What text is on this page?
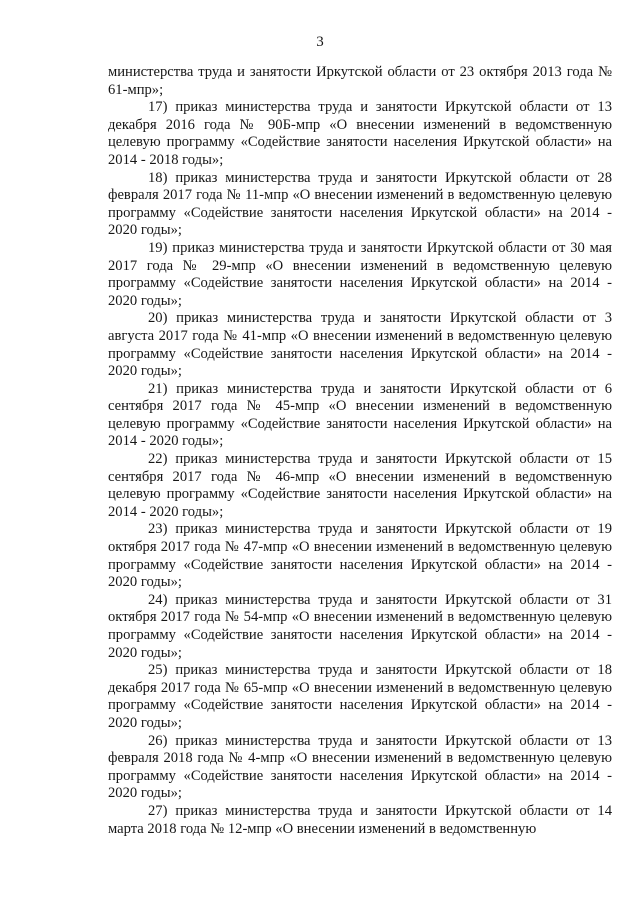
3

министерства труда и занятости Иркутской области от 23 октября 2013 года № 61-мпр»;

17) приказ министерства труда и занятости Иркутской области от 13 декабря 2016 года № 90Б-мпр «О внесении изменений в ведомственную целевую программу «Содействие занятости населения Иркутской области» на 2014 - 2018 годы»;

18) приказ министерства труда и занятости Иркутской области от 28 февраля 2017 года № 11-мпр «О внесении изменений в ведомственную целевую программу «Содействие занятости населения Иркутской области» на 2014 - 2020 годы»;

19) приказ министерства труда и занятости Иркутской области от 30 мая 2017 года № 29-мпр «О внесении изменений в ведомственную целевую программу «Содействие занятости населения Иркутской области» на 2014 - 2020 годы»;

20) приказ министерства труда и занятости Иркутской области от 3 августа 2017 года № 41-мпр «О внесении изменений в ведомственную целевую программу «Содействие занятости населения Иркутской области» на 2014 - 2020 годы»;

21) приказ министерства труда и занятости Иркутской области от 6 сентября 2017 года № 45-мпр «О внесении изменений в ведомственную целевую программу «Содействие занятости населения Иркутской области» на 2014 - 2020 годы»;

22) приказ министерства труда и занятости Иркутской области от 15 сентября 2017 года № 46-мпр «О внесении изменений в ведомственную целевую программу «Содействие занятости населения Иркутской области» на 2014 - 2020 годы»;

23) приказ министерства труда и занятости Иркутской области от 19 октября 2017 года № 47-мпр «О внесении изменений в ведомственную целевую программу «Содействие занятости населения Иркутской области» на 2014 - 2020 годы»;

24) приказ министерства труда и занятости Иркутской области от 31 октября 2017 года № 54-мпр «О внесении изменений в ведомственную целевую программу «Содействие занятости населения Иркутской области» на 2014 - 2020 годы»;

25) приказ министерства труда и занятости Иркутской области от 18 декабря 2017 года № 65-мпр «О внесении изменений в ведомственную целевую программу «Содействие занятости населения Иркутской области» на 2014 - 2020 годы»;

26) приказ министерства труда и занятости Иркутской области от 13 февраля 2018 года № 4-мпр «О внесении изменений в ведомственную целевую программу «Содействие занятости населения Иркутской области» на 2014 - 2020 годы»;

27) приказ министерства труда и занятости Иркутской области от 14 марта 2018 года № 12-мпр «О внесении изменений в ведомственную
